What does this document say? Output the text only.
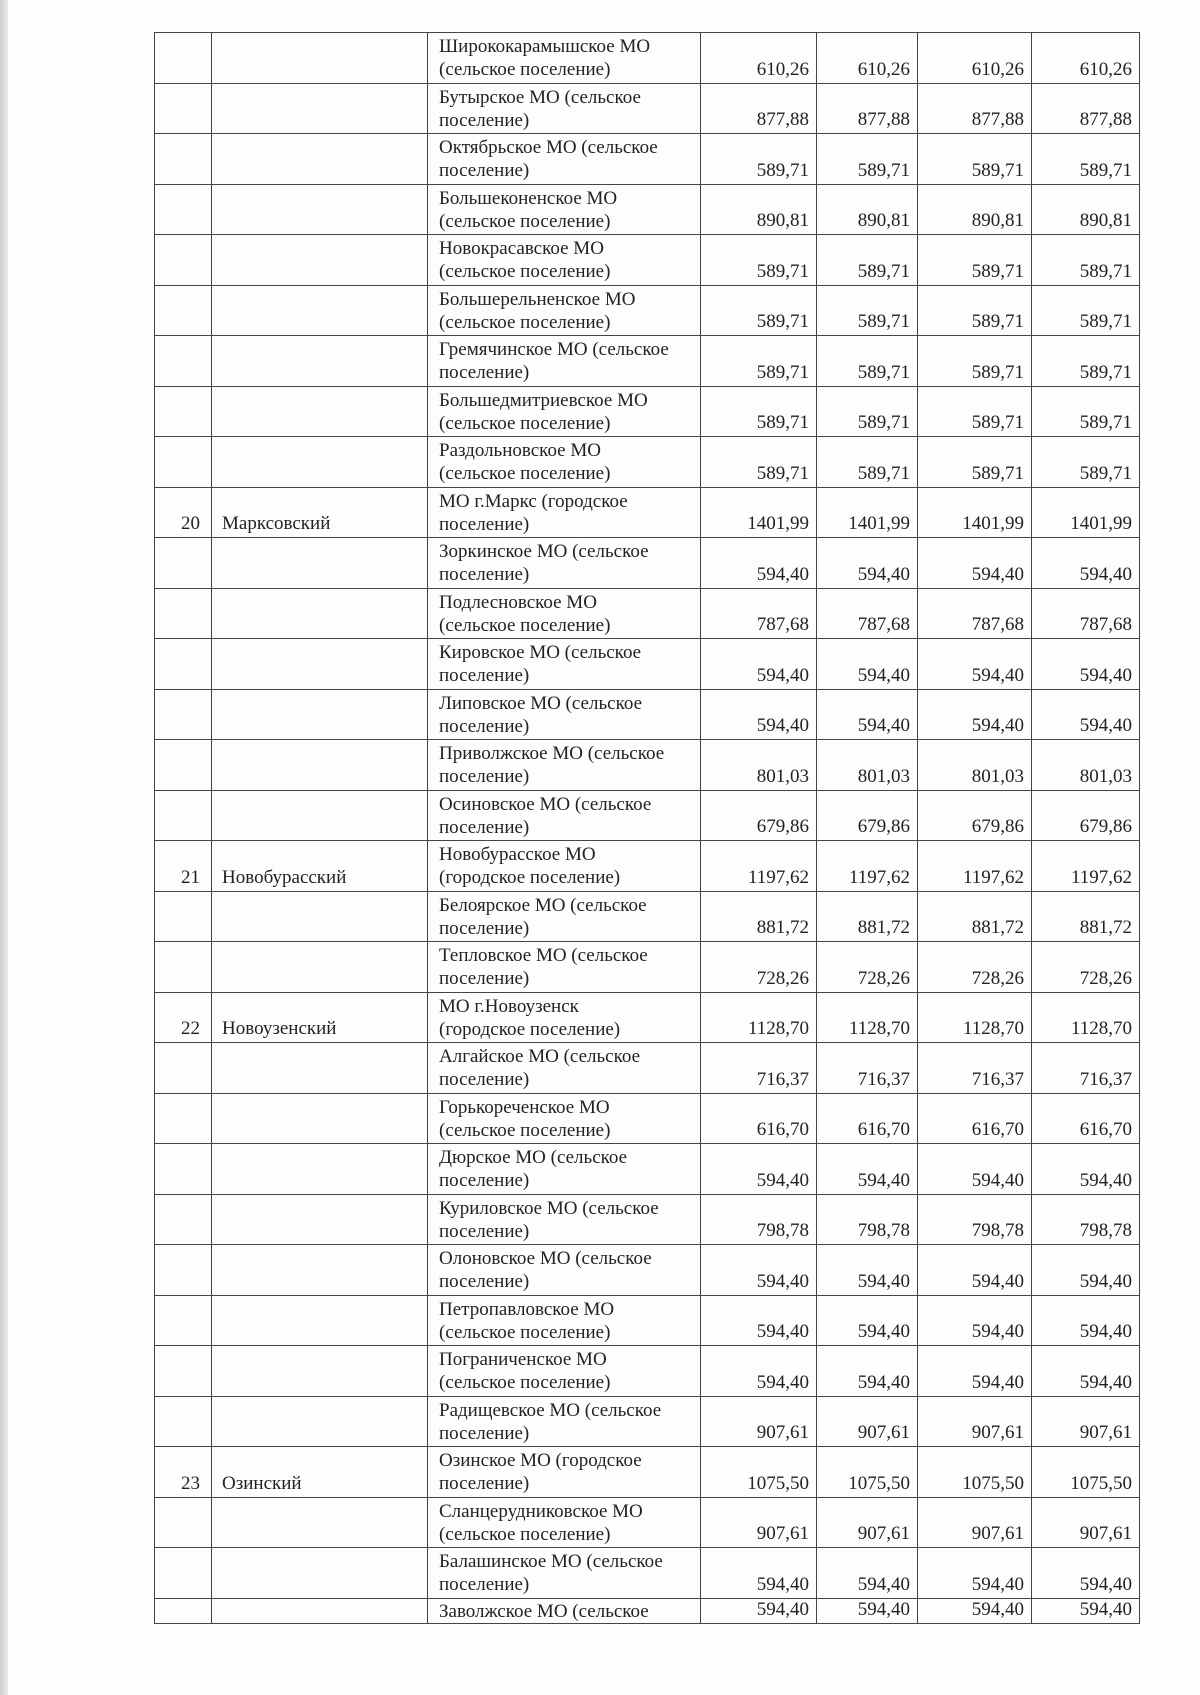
		Ширококарамышское МО
(сельское поселение)	610,26	610,26	610,26	610,26

		Бутырское МО (сельское
поселение)	877,88	877,88	877,88	877,88

		Октябрьское МО (сельское
поселение)	589,71	589,71	589,71	589,71

		Большеконенское МО
(сельское поселение)	890,81	890,81	890,81	890,81

		Новокрасавское МО
(сельское поселение)	589,71	589,71	589,71	589,71

		Большерельненское МО
(сельское поселение)	589,71	589,71	589,71	589,71

		Гремячинское МО (сельское
поселение)	589,71	589,71	589,71	589,71

		Большедмитриевское МО
(сельское поселение)	589,71	589,71	589,71	589,71

		Раздольновское МО
(сельское поселение)	589,71	589,71	589,71	589,71
20	Марксовский	МО г.Маркс (городское
поселение)	1401,99	1401,99	1401,99	1401,99

		Зоркинское МО (сельское
поселение)	594,40	594,40	594,40	594,40

		Подлесновское МО
(сельское поселение)	787,68	787,68	787,68	787,68

		Кировское МО (сельское
поселение)	594,40	594,40	594,40	594,40

		Липовское МО (сельское
поселение)	594,40	594,40	594,40	594,40

		Приволжское МО (сельское
поселение)	801,03	801,03	801,03	801,03

		Осиновское МО (сельское
поселение)	679,86	679,86	679,86	679,86
21	Новобурасский	Новобурасское МО
(городское поселение)	1197,62	1197,62	1197,62	1197,62

		Белоярское МО (сельское
поселение)	881,72	881,72	881,72	881,72

		Тепловское МО (сельское
поселение)	728,26	728,26	728,26	728,26
22	Новоузенский	МО г.Новоузенск
(городское поселение)	1128,70	1128,70	1128,70	1128,70

		Алгайское МО (сельское
поселение)	716,37	716,37	716,37	716,37

		Горькореченское МО
(сельское поселение)	616,70	616,70	616,70	616,70

		Дюрское МО (сельское
поселение)	594,40	594,40	594,40	594,40

		Куриловское МО (сельское
поселение)	798,78	798,78	798,78	798,78

		Олоновское МО (сельское
поселение)	594,40	594,40	594,40	594,40

		Петропавловское МО
(сельское поселение)	594,40	594,40	594,40	594,40

		Пограниченское МО
(сельское поселение)	594,40	594,40	594,40	594,40

		Радищевское МО (сельское
поселение)	907,61	907,61	907,61	907,61
23	Озинский	Озинское МО (городское
поселение)	1075,50	1075,50	1075,50	1075,50

		Сланцерудниковское МО
(сельское поселение)	907,61	907,61	907,61	907,61

		Балашинское МО (сельское
поселение)	594,40	594,40	594,40	594,40

		Заволжское МО (сельское	594,40	594,40	594,40	594,40
